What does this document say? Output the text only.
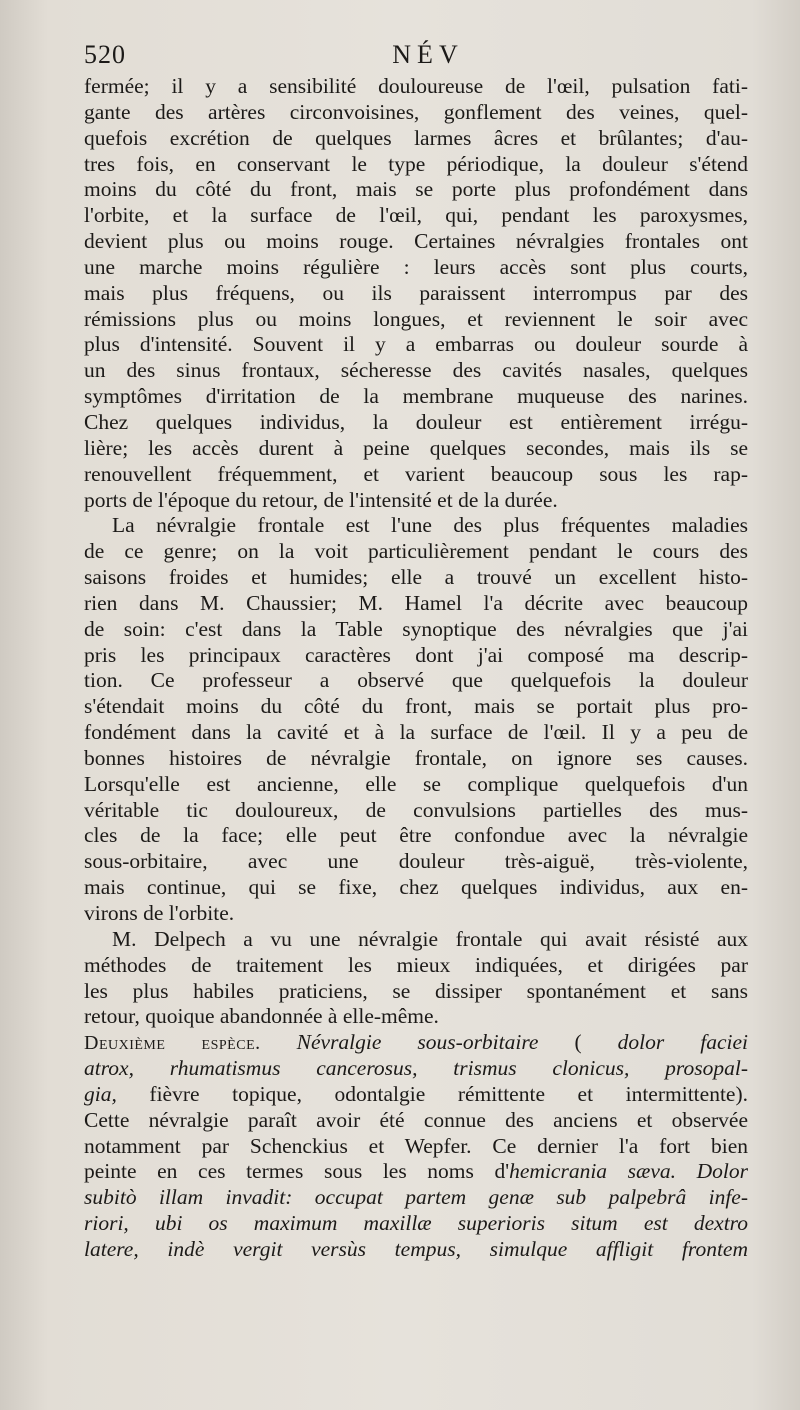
520	NÉV
fermée; il y a sensibilité douloureuse de l'œil, pulsation fati-
gante des artères circonvoisines, gonflement des veines, quel-
quefois excrétion de quelques larmes âcres et brûlantes; d'au-
tres fois, en conservant le type périodique, la douleur s'étend
moins du côté du front, mais se porte plus profondément dans
l'orbite, et la surface de l'œil, qui, pendant les paroxysmes,
devient plus ou moins rouge. Certaines névralgies frontales ont
une marche moins régulière : leurs accès sont plus courts,
mais plus fréquens, ou ils paraissent interrompus par des
rémissions plus ou moins longues, et reviennent le soir avec
plus d'intensité. Souvent il y a embarras ou douleur sourde à
un des sinus frontaux, sécheresse des cavités nasales, quelques
symptômes d'irritation de la membrane muqueuse des narines.
Chez quelques individus, la douleur est entièrement irrégu-
lière; les accès durent à peine quelques secondes, mais ils se
renouvellent fréquemment, et varient beaucoup sous les rap-
ports de l'époque du retour, de l'intensité et de la durée.
La névralgie frontale est l'une des plus fréquentes maladies
de ce genre; on la voit particulièrement pendant le cours des
saisons froides et humides; elle a trouvé un excellent histo-
rien dans M. Chaussier; M. Hamel l'a décrite avec beaucoup
de soin: c'est dans la Table synoptique des névralgies que j'ai
pris les principaux caractères dont j'ai composé ma descrip-
tion. Ce professeur a observé que quelquefois la douleur
s'étendait moins du côté du front, mais se portait plus pro-
fondément dans la cavité et à la surface de l'œil. Il y a peu de
bonnes histoires de névralgie frontale, on ignore ses causes.
Lorsqu'elle est ancienne, elle se complique quelquefois d'un
véritable tic douloureux, de convulsions partielles des mus-
cles de la face; elle peut être confondue avec la névralgie
sous-orbitaire, avec une douleur très-aiguë, très-violente,
mais continue, qui se fixe, chez quelques individus, aux en-
virons de l'orbite.
M. Delpech a vu une névralgie frontale qui avait résisté aux
méthodes de traitement les mieux indiquées, et dirigées par
les plus habiles praticiens, se dissiper spontanément et sans
retour, quoique abandonnée à elle-même.
Deuxième espèce. Névralgie sous-orbitaire ( dolor faciei
atrox, rhumatismus cancerosus, trismus clonicus, prosopal-
gia, fièvre topique, odontalgie rémittente et intermittente).
Cette névralgie paraît avoir été connue des anciens et observée
notamment par Schenckius et Wepfer. Ce dernier l'a fort bien
peinte en ces termes sous les noms d'hemicrania sæva. Dolor
subitò illam invadit: occupat partem genæ sub palpebrâ infe-
riori, ubi os maximum maxillæ superioris situm est dextro
latere, indè vergit versùs tempus, simulque affligit frontem
